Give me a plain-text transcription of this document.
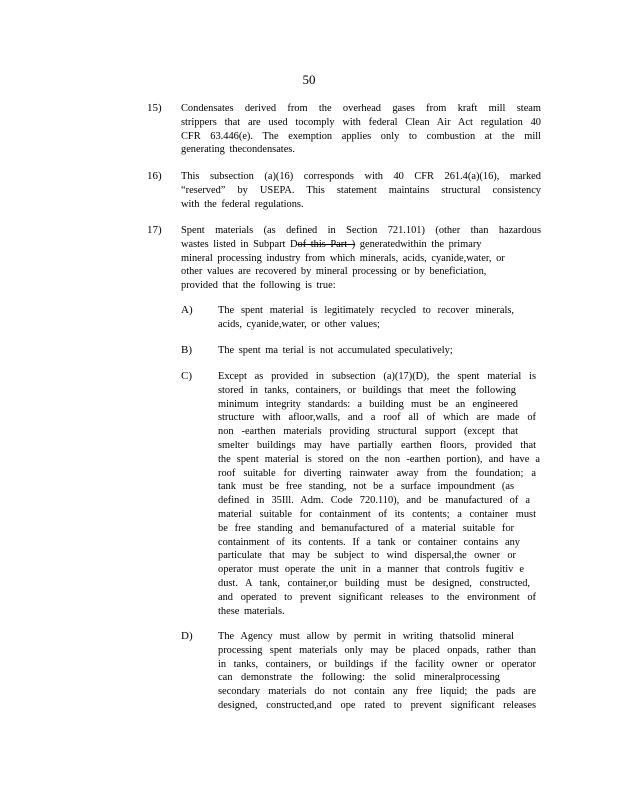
50
15) Condensates derived from the overhead gases from kraft mill steam
strippers that are used tocomply with federal Clean Air Act regulation 40
CFR 63.446(e). The exemption applies only to combustion at the mill
generating thecondensates.
16) This subsection (a)(16) corresponds with 40 CFR 261.4(a)(16), marked
“reserved” by USEPA. This statement maintains structural consistency
with the federal regulations.
17) Spent materials (as defined in Section 721.101) (other than hazardous
wastes listed in Subpart Dof this Part ) generatedwithin the primary
mineral processing industry from which minerals, acids, cyanide,water, or
other values are recovered by mineral processing or by beneficiation,
provided that the following is true:
A) The spent material is legitimately recycled to recover minerals,
acids, cyanide,water, or other values;
B)	The spent ma terial is not accumulated speculatively;
C)	Except as provided in subsection (a)(17)(D), the spent material is
stored in tanks, containers, or buildings that meet the following
minimum integrity standards: a building must be an engineered
structure with afloor,walls, and a roof all of which are made of
non -earthen materials providing structural support (except that
smelter buildings may have partially earthen floors, provided that
the spent material is stored on the non -earthen portion), and have a
roof suitable for diverting rainwater away from the foundation; a
tank must be free standing, not be a surface impoundment (as
defined in 35Ill. Adm. Code 720.110), and be manufactured of a
material suitable for containment of its contents; a container must
be free standing and bemanufactured of a material suitable for
containment of its contents. If a tank or container contains any
particulate that may be subject to wind dispersal,the owner or
operator must operate the unit in a manner that controls fugitiv e
dust. A tank, container,or building must be designed, constructed,
and operated to prevent significant releases to the environment of
these materials.
D) The Agency must allow by permit in writing thatsolid mineral
processing spent materials only may be placed onpads, rather than
in tanks, containers, or buildings if the facility owner or operator
can demonstrate the following: the solid mineralprocessing
secondary materials do not contain any free liquid; the pads are
designed, constructed,and ope rated to prevent significant releases
